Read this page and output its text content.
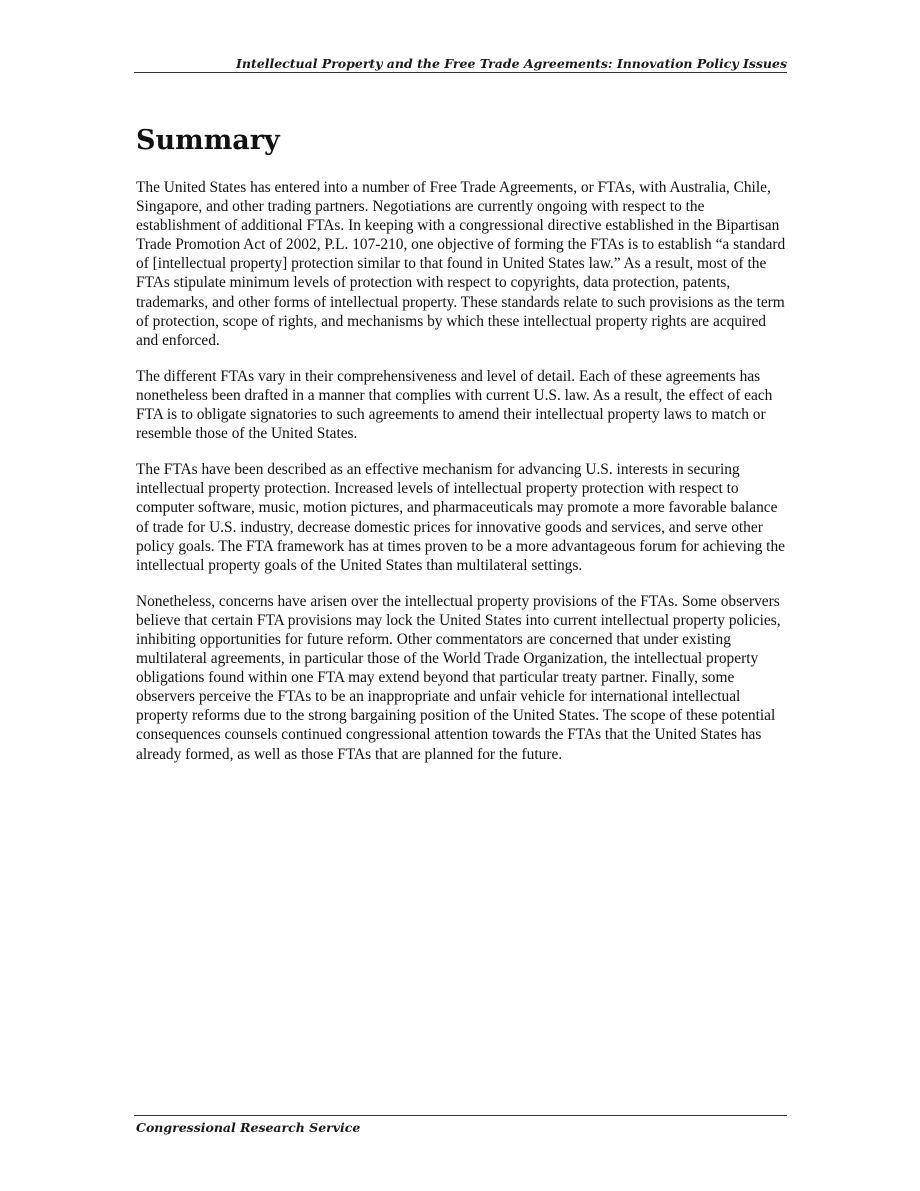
Intellectual Property and the Free Trade Agreements: Innovation Policy Issues
Summary

The United States has entered into a number of Free Trade Agreements, or FTAs, with Australia, Chile, Singapore, and other trading partners. Negotiations are currently ongoing with respect to the establishment of additional FTAs. In keeping with a congressional directive established in the Bipartisan Trade Promotion Act of 2002, P.L. 107-210, one objective of forming the FTAs is to establish “a standard of [intellectual property] protection similar to that found in United States law.” As a result, most of the FTAs stipulate minimum levels of protection with respect to copyrights, data protection, patents, trademarks, and other forms of intellectual property. These standards relate to such provisions as the term of protection, scope of rights, and mechanisms by which these intellectual property rights are acquired and enforced.

The different FTAs vary in their comprehensiveness and level of detail. Each of these agreements has nonetheless been drafted in a manner that complies with current U.S. law. As a result, the effect of each FTA is to obligate signatories to such agreements to amend their intellectual property laws to match or resemble those of the United States.

The FTAs have been described as an effective mechanism for advancing U.S. interests in securing intellectual property protection. Increased levels of intellectual property protection with respect to computer software, music, motion pictures, and pharmaceuticals may promote a more favorable balance of trade for U.S. industry, decrease domestic prices for innovative goods and services, and serve other policy goals. The FTA framework has at times proven to be a more advantageous forum for achieving the intellectual property goals of the United States than multilateral settings.

Nonetheless, concerns have arisen over the intellectual property provisions of the FTAs. Some observers believe that certain FTA provisions may lock the United States into current intellectual property policies, inhibiting opportunities for future reform. Other commentators are concerned that under existing multilateral agreements, in particular those of the World Trade Organization, the intellectual property obligations found within one FTA may extend beyond that particular treaty partner. Finally, some observers perceive the FTAs to be an inappropriate and unfair vehicle for international intellectual property reforms due to the strong bargaining position of the United States. The scope of these potential consequences counsels continued congressional attention towards the FTAs that the United States has already formed, as well as those FTAs that are planned for the future.

Congressional Research Service
